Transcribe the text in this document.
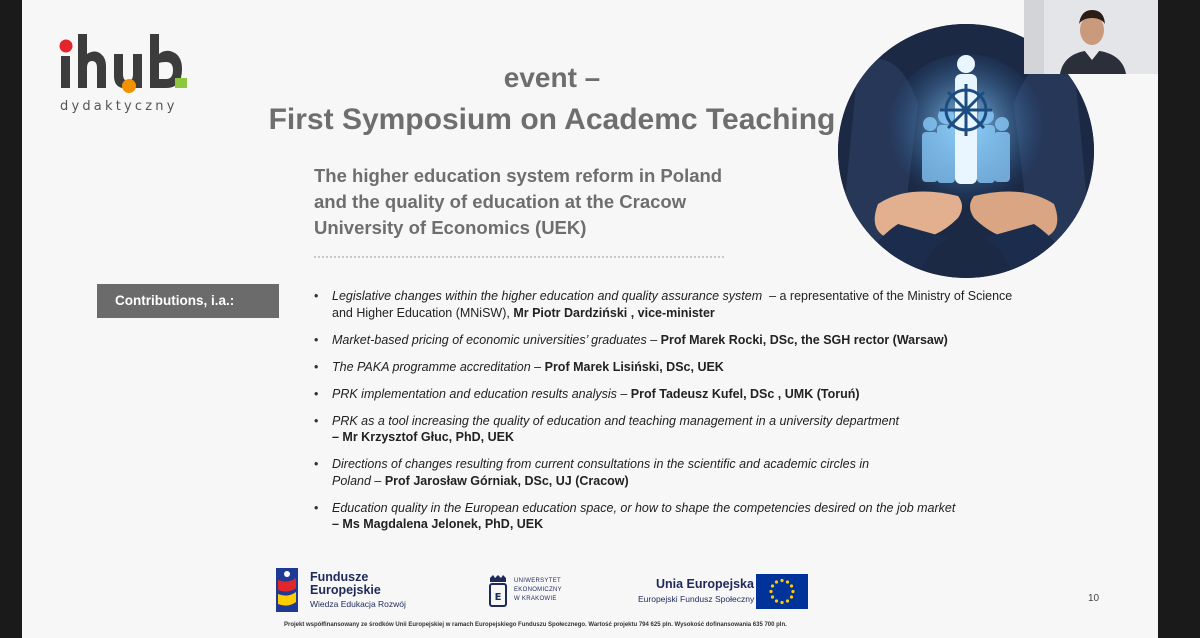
dydaktyczny
event –
First Symposium on Academc Teaching
The higher education system reform in Poland and the quality of education at the Cracow University of Economics (UEK)
Contributions, i.a.:
•	Legislative changes within the higher education and quality assurance system – a representative of the Ministry of Science and Higher Education (MNiSW), Mr Piotr Dardziński , vice-minister
• Market-based pricing of economic universities’ graduates – Prof Marek Rocki, DSc, the SGH rector (Warsaw)
• The PAKA programme accreditation – Prof Marek Lisiński, DSc, UEK
• PRK implementation and education results analysis – Prof Tadeusz Kufel, DSc , UMK (Toruń)
• PRK as a tool increasing the quality of education and teaching management in a university department
– Mr Krzysztof Głuc, PhD, UEK
• Directions of changes resulting from current consultations in the scientific and academic circles in Poland – Prof Jarosław Górniak, DSc, UJ (Cracow)
• Education quality in the European education space, or how to shape the competencies desired on the job market
– Ms Magdalena Jelonek, PhD, UEK
Fundusze
Europejskie
Wiedza Edukacja Rozwój
E
UNIWERSYTET
EKONOMICZNY
W KRAKOWIE
Unia Europejska
Europejski Fundusz Społeczny	10
Projekt współfinansowany ze środków Unii Europejskiej w ramach Europejskiego Funduszu Społecznego. Wartość projektu 794 625 pln. Wysokość dofinansowania 635 700 pln.
